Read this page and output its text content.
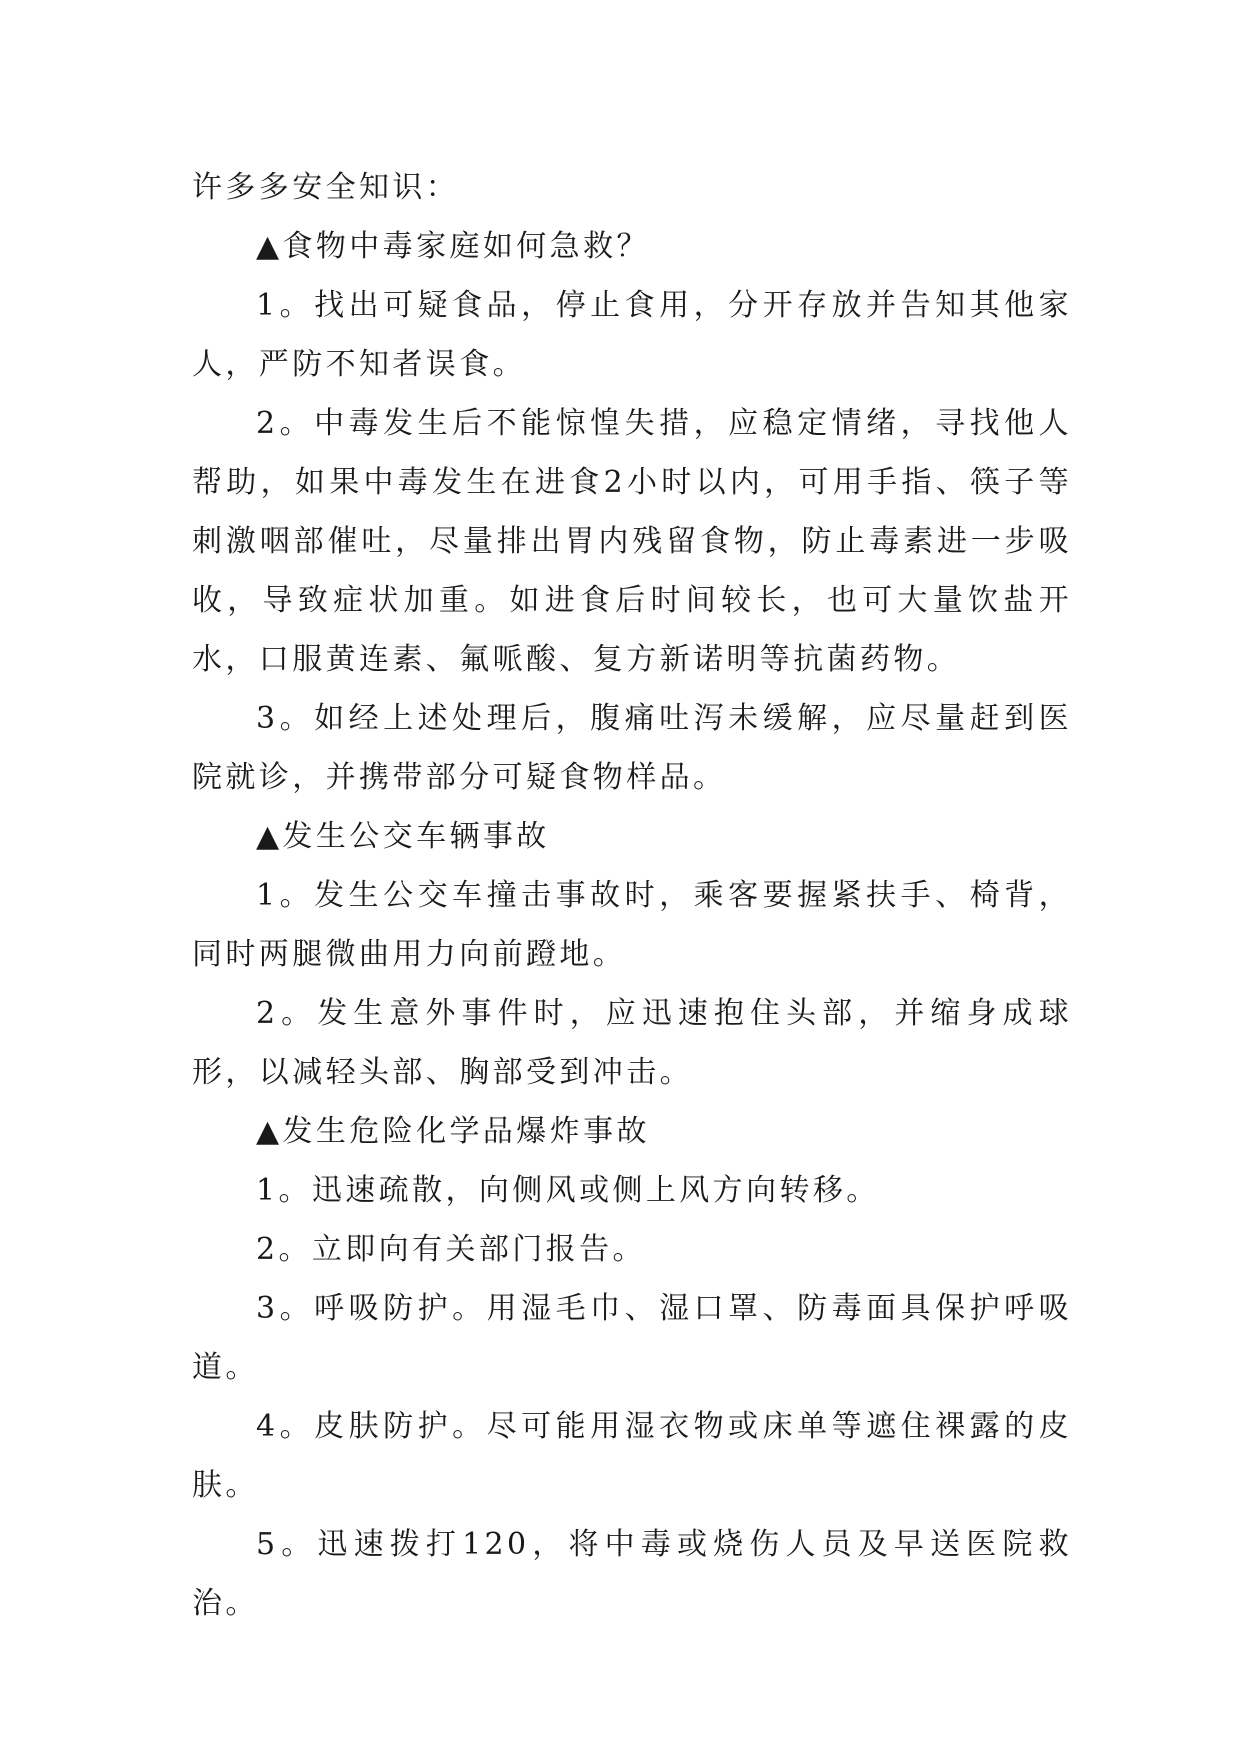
许多多安全知识：

▲食物中毒家庭如何急救？

1。找出可疑食品，停止食用，分开存放并告知其他家人，严防不知者误食。

2。中毒发生后不能惊惶失措，应稳定情绪，寻找他人帮助，如果中毒发生在进食2小时以内，可用手指、筷子等刺激咽部催吐，尽量排出胃内残留食物，防止毒素进一步吸收，导致症状加重。如进食后时间较长，也可大量饮盐开水，口服黄连素、氟哌酸、复方新诺明等抗菌药物。

3。如经上述处理后，腹痛吐泻未缓解，应尽量赶到医院就诊，并携带部分可疑食物样品。

▲发生公交车辆事故

1。发生公交车撞击事故时，乘客要握紧扶手、椅背，同时两腿微曲用力向前蹬地。

2。发生意外事件时，应迅速抱住头部，并缩身成球形，以减轻头部、胸部受到冲击。

▲发生危险化学品爆炸事故

1。迅速疏散，向侧风或侧上风方向转移。

2。立即向有关部门报告。

3。呼吸防护。用湿毛巾、湿口罩、防毒面具保护呼吸道。

4。皮肤防护。尽可能用湿衣物或床单等遮住裸露的皮肤。

5。迅速拨打120，将中毒或烧伤人员及早送医院救治。
